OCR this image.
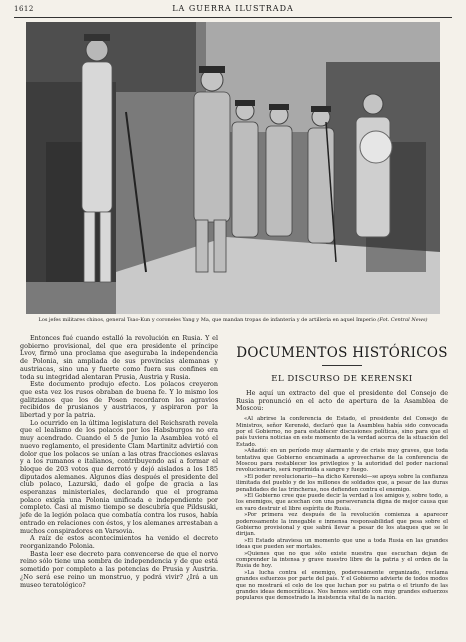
1612	LA GUERRA ILUSTRADA
Los jefes militares chinos, general Tsao-Kun y coroneles Yang y Ma, que mandan tropas de infantería y de artillería en aquel Imperio (Fot. Central News)

Entonces fué cuando estalló la revolución en Rusia. Y el gobierno provisional, del que era presidente el príncipe Lvov, firmó una proclama que aseguraba la independencia de Polonia, sin ampliada de sus provincias alemanas y austriacas, sino una y fuerte como fuera sus confines en toda su integridad alentaran Prusia, Austria y Rusia.

Este documento produjo efecto. Los polacos creyeron que esta vez los rusos obraban de buena fe. Y lo mismo los galitzianos que los de Posen recordaron los agravios recibidos de prusianos y austriacos, y aspiraron por la libertad y por la patria.

Lo ocurrido en la última legislatura del Reichsrath revela que el lealismo de los polacos por los Habsburgos no era muy acendrado. Cuando el 5 de Junio la Asamblea votó el nuevo reglamento, el presidente Clam Martinitz advirtió con dolor que los polacos se unían a las otras fracciones eslavas y a los rumanos e italianos, contribuyendo así a formar el bloque de 203 votos que derrotó y dejó aislados a los 185 diputados alemanes. Algunos días después el presidente del club polaco, Lazurski, dado el golpe de gracia a las esperanzas ministeriales, declarando que el programa polaco exigía una Polonia unificada e independiente por completo. Casi al mismo tiempo se descubría que Pildsuski, jefe de la legión polaca que combatía contra los rusos, había entrado en relaciones con éstos, y los alemanes arrestaban a muchos conspiradores en Varsovia.

A raíz de estos acontecimientos ha venido el decreto reorganizando Polonia.

Basta leer ese decreto para convencerse de que el norvo reino sólo tiene una sombra de independencia y de que está sometido por completo a las potencias de Prusia y Austria. ¿No será ese reino un monstruo, y podrá vivir? ¿Irá a un museo teratológico?

DOCUMENTOS HISTÓRICOS
EL DISCURSO DE KERENSKI

He aquí un extracto del que el presidente del Consejo de Rusia pronunció en el acto de apertura de la Asamblea de Moscou:

«Al abrirse la conferencia de Estado, el presidente del Consejo de Ministros, señor Kerenski, declaró que la Asamblea había sido convocada por el Gobierno, no para establecer discusiones políticas, sino para que el país tuviera noticias en este momento de la verdad acerca de la situación del Estado.

»Añadió: en un período muy alarmante y de crisis muy graves, que toda tentativa que Gobierno encaminada a aprovecharse de la conferencia de Moscou para restablecer los privilegios y la autoridad del poder nacional revolucionario, será reprimida a sangre y fuego.

»El poder revolucionario—ha dicho Kerenski—se apoya sobre la confianza ilimitada del pueblo y de los millones de soldados que, a pesar de las duras penalidades de las trincheras, nos defienden contra el enemigo.

»El Gobierno cree que puede decir la verdad a los amigos y, sobre todo, a los enemigos, que acechan con una perseverancia digna de mejor causa que en varo destruir el libre espíritu de Rusia.

»Por primera vez después de la revolución comienza a aparecer poderosamente la innegable e inmensa responsabilidad que pesa sobre el Gobierno provisional y que sabrá llevar a pesar de los ataques que se le dirijan.

»El Estado atraviesa un momento que une a toda Rusia en las grandes ideas que pueden ser mortales.

»Quienes que no que sólo existe nuestra que escuchan dejan de comprender la intensa y grave nuestro libre de la patria y el orden de la Rusia de hoy.

»La lucha contra el enemigo, poderosamente organizado, reclama grandes esfuerzos por parte del país. Y el Gobierno advierte de todos modos que no mostrará el celo de los que luchan por su patria o el triunfo de las grandes ideas democráticas. Nos hemos sentido con muy grandes esfuerzos populares que demostrado la insistencia vital de la nación.
